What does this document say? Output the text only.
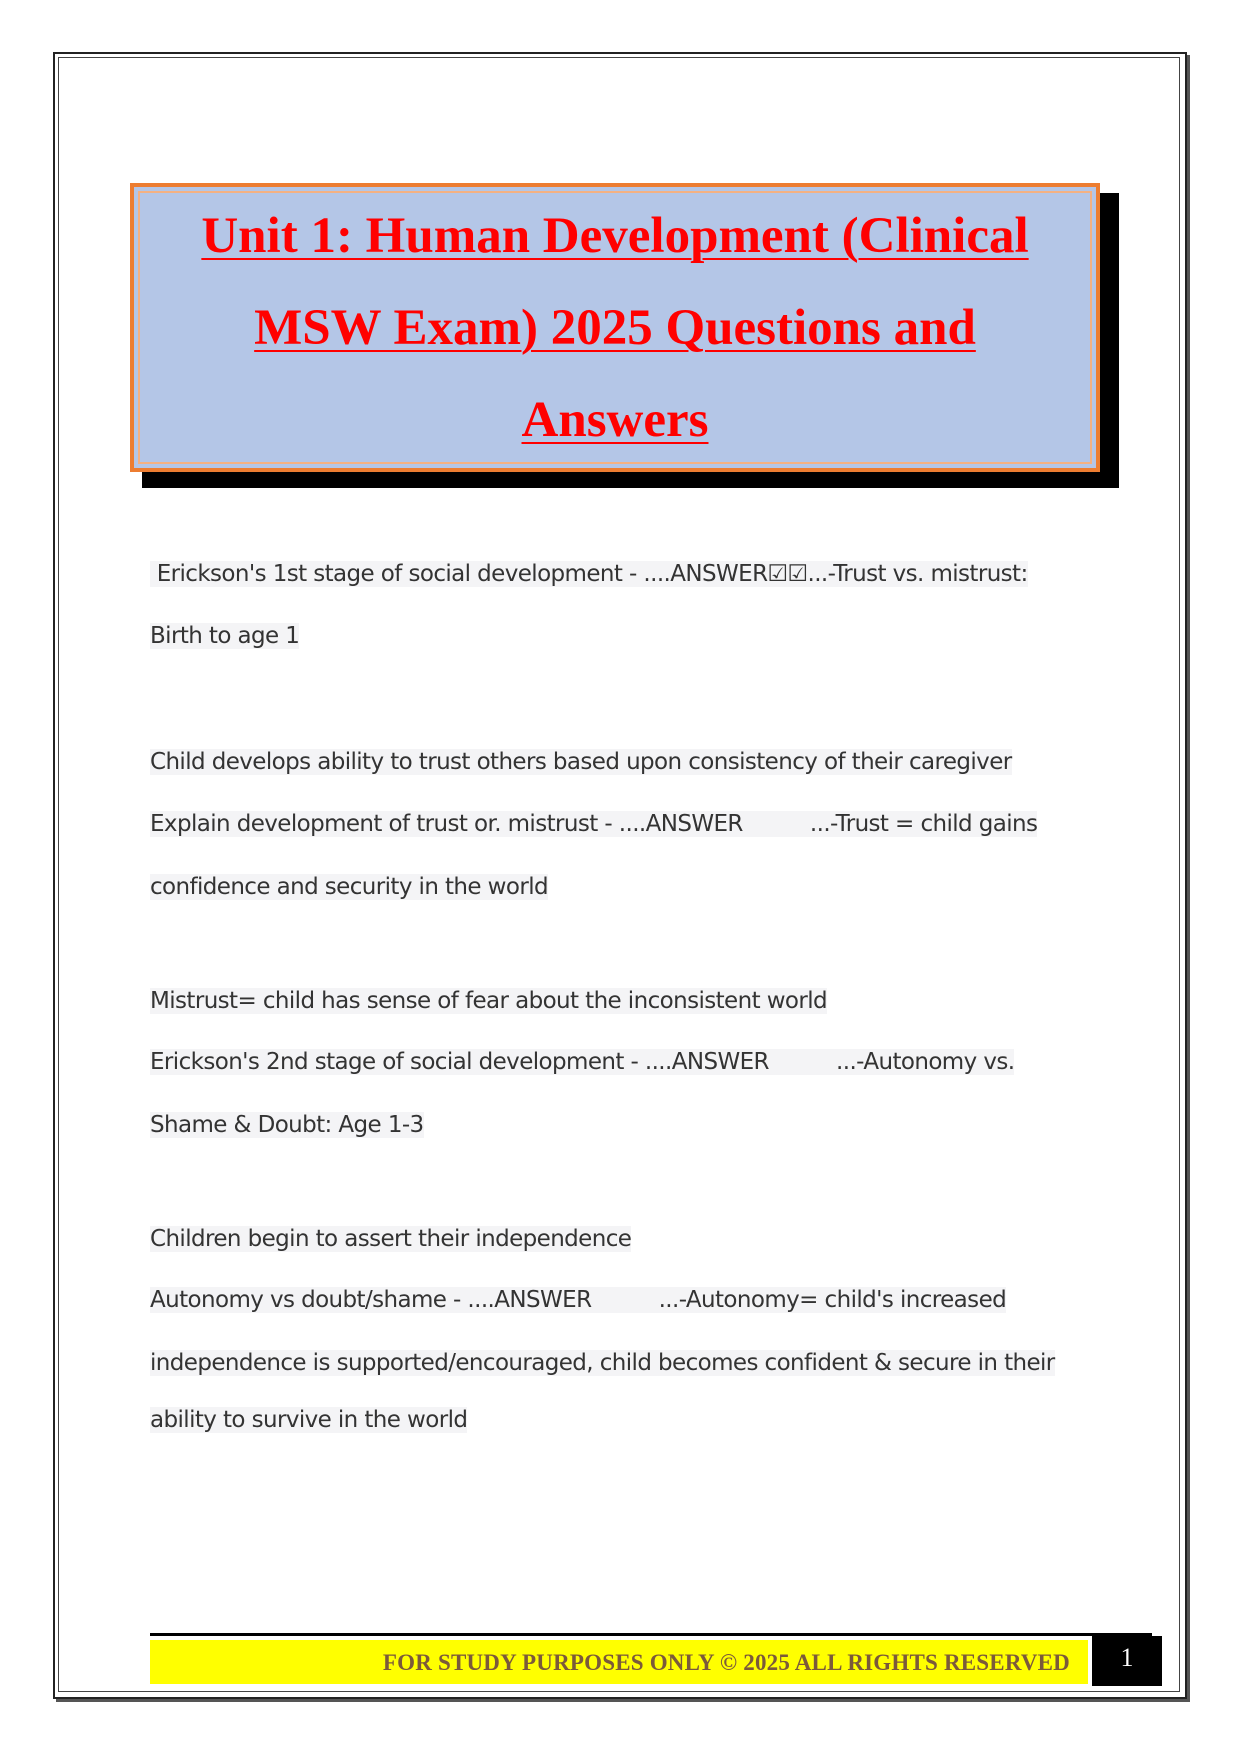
Unit 1: Human Development (Clinical
MSW Exam) 2025 Questions and
Answers
Erickson's 1st stage of social development - ....ANSWER☑☑...-Trust vs. mistrust:
Birth to age 1
Child develops ability to trust others based upon consistency of their caregiver
Explain development of trust or. mistrust - ....ANSWER          ...-Trust = child gains
confidence and security in the world
Mistrust= child has sense of fear about the inconsistent world
Erickson's 2nd stage of social development - ....ANSWER          ...-Autonomy vs.
Shame & Doubt: Age 1-3
Children begin to assert their independence
Autonomy vs doubt/shame - ....ANSWER          ...-Autonomy= child's increased
independence is supported/encouraged, child becomes confident & secure in their
ability to survive in the world
FOR STUDY PURPOSES ONLY © 2025 ALL RIGHTS RESERVED	1
